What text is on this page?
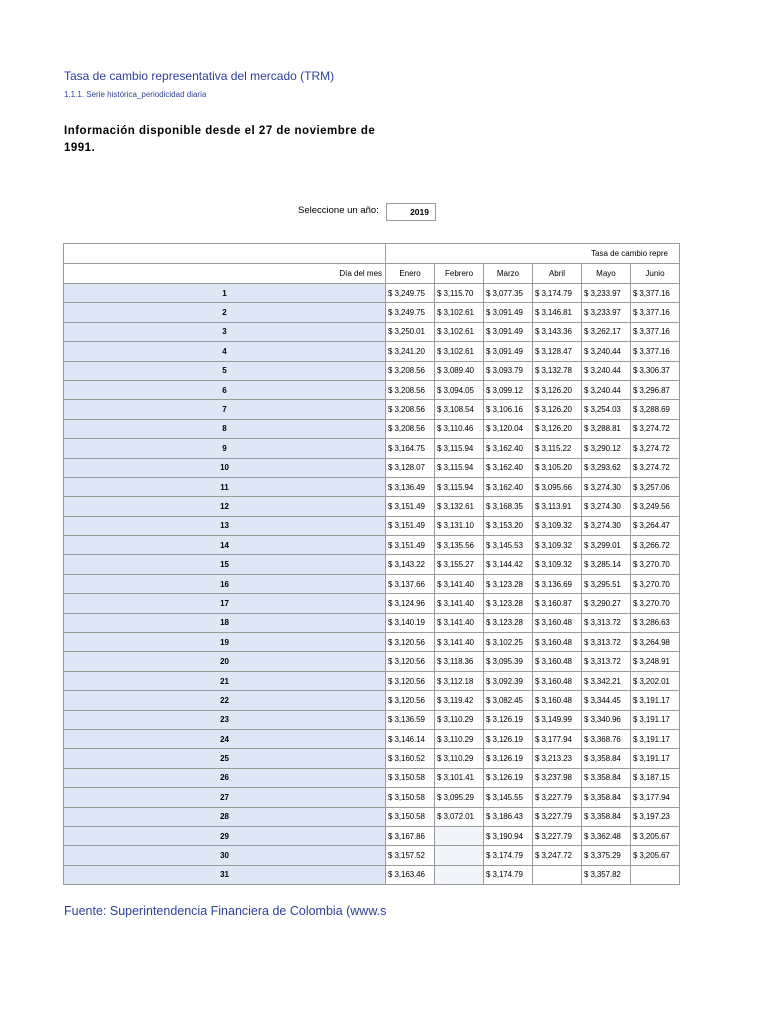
Tasa de cambio representativa del mercado (TRM)
1.1.1. Serie histórica_periodicidad diaria
Información disponible desde el 27 de noviembre de 1991.
Seleccione un año:	2019
	Tasa de cambio repre					
Día del mes	Enero	Febrero	Marzo	Abril	Mayo	Junio
1	$ 3,249.75	$ 3,115.70	$ 3,077.35	$ 3,174.79	$ 3,233.97	$ 3,377.16
2	$ 3,249.75	$ 3,102.61	$ 3,091.49	$ 3,146.81	$ 3,233.97	$ 3,377.16
3	$ 3,250.01	$ 3,102.61	$ 3,091.49	$ 3,143.36	$ 3,262.17	$ 3,377.16
4	$ 3,241.20	$ 3,102.61	$ 3,091.49	$ 3,128.47	$ 3,240.44	$ 3,377.16
5	$ 3,208.56	$ 3,089.40	$ 3,093.79	$ 3,132.78	$ 3,240.44	$ 3,306.37
6	$ 3,208.56	$ 3,094.05	$ 3,099.12	$ 3,126.20	$ 3,240.44	$ 3,296.87
7	$ 3,208.56	$ 3,108.54	$ 3,106.16	$ 3,126.20	$ 3,254.03	$ 3,288.69
8	$ 3,208.56	$ 3,110.46	$ 3,120.04	$ 3,126.20	$ 3,288.81	$ 3,274.72
9	$ 3,164.75	$ 3,115.94	$ 3,162.40	$ 3,115.22	$ 3,290.12	$ 3,274.72
10	$ 3,128.07	$ 3,115.94	$ 3,162.40	$ 3,105.20	$ 3,293.62	$ 3,274.72
11	$ 3,136.49	$ 3,115.94	$ 3,162.40	$ 3,095.66	$ 3,274.30	$ 3,257.06
12	$ 3,151.49	$ 3,132.61	$ 3,168.35	$ 3,113.91	$ 3,274.30	$ 3,249.56
13	$ 3,151.49	$ 3,131.10	$ 3,153.20	$ 3,109.32	$ 3,274.30	$ 3,264.47
14	$ 3,151.49	$ 3,135.56	$ 3,145.53	$ 3,109.32	$ 3,299.01	$ 3,266.72
15	$ 3,143.22	$ 3,155.27	$ 3,144.42	$ 3,109.32	$ 3,285.14	$ 3,270.70
16	$ 3,137.66	$ 3,141.40	$ 3,123.28	$ 3,136.69	$ 3,295.51	$ 3,270.70
17	$ 3,124.96	$ 3,141.40	$ 3,123.28	$ 3,160.87	$ 3,290.27	$ 3,270.70
18	$ 3,140.19	$ 3,141.40	$ 3,123.28	$ 3,160.48	$ 3,313.72	$ 3,286.63
19	$ 3,120.56	$ 3,141.40	$ 3,102.25	$ 3,160.48	$ 3,313.72	$ 3,264.98
20	$ 3,120.56	$ 3,118.36	$ 3,095.39	$ 3,160.48	$ 3,313.72	$ 3,248.91
21	$ 3,120.56	$ 3,112.18	$ 3,092.39	$ 3,160.48	$ 3,342.21	$ 3,202.01
22	$ 3,120.56	$ 3,119.42	$ 3,082.45	$ 3,160.48	$ 3,344.45	$ 3,191.17
23	$ 3,136.59	$ 3,110.29	$ 3,126.19	$ 3,149.99	$ 3,340.96	$ 3,191.17
24	$ 3,146.14	$ 3,110.29	$ 3,126.19	$ 3,177.94	$ 3,368.76	$ 3,191.17
25	$ 3,160.52	$ 3,110.29	$ 3,126.19	$ 3,213.23	$ 3,358.84	$ 3,191.17
26	$ 3,150.58	$ 3,101.41	$ 3,126.19	$ 3,237.98	$ 3,358.84	$ 3,187.15
27	$ 3,150.58	$ 3,095.29	$ 3,145.55	$ 3,227.79	$ 3,358.84	$ 3,177.94
28	$ 3,150.58	$ 3,072.01	$ 3,186.43	$ 3,227.79	$ 3,358.84	$ 3,197.23
29	$ 3,167.86		$ 3,190.94	$ 3,227.79	$ 3,362.48	$ 3,205.67
30	$ 3,157.52		$ 3,174.79	$ 3,247.72	$ 3,375.29	$ 3,205.67
31	$ 3,163.46		$ 3,174.79		$ 3,357.82	
Fuente: Superintendencia Financiera de Colombia (www.s
